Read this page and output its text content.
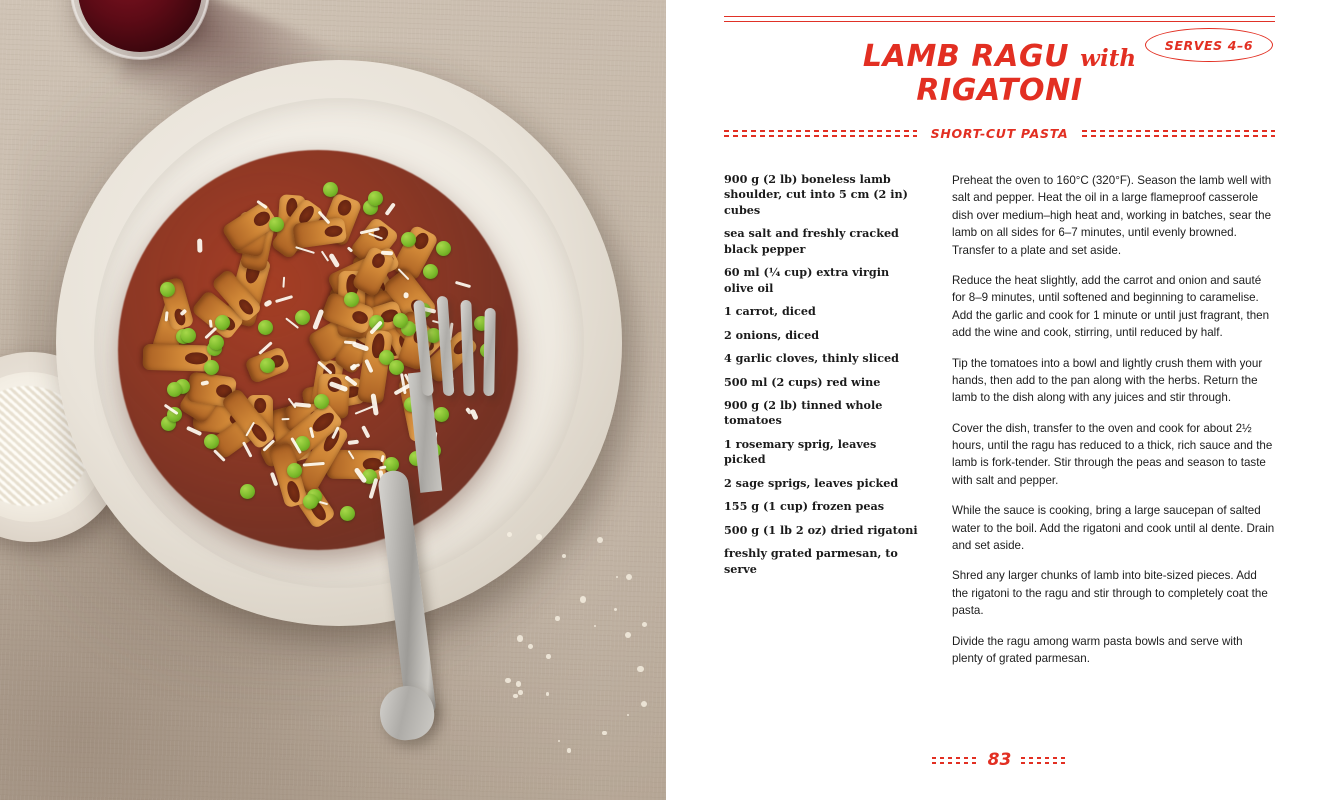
SERVES 4–6
LAMB RAGU with
RIGATONI
SHORT-CUT PASTA
900 g (2 lb) boneless lamb shoulder, cut into 5 cm (2 in) cubes
sea salt and freshly cracked black pepper
60 ml (¼ cup) extra virgin olive oil
1 carrot, diced
2 onions, diced
4 garlic cloves, thinly sliced
500 ml (2 cups) red wine
900 g (2 lb) tinned whole tomatoes
1 rosemary sprig, leaves picked
2 sage sprigs, leaves picked
155 g (1 cup) frozen peas
500 g (1 lb 2 oz) dried rigatoni
freshly grated parmesan, to serve

Preheat the oven to 160°C (320°F). Season the lamb well with salt and pepper. Heat the oil in a large flameproof casserole dish over medium–high heat and, working in batches, sear the lamb on all sides for 6–7 minutes, until evenly browned. Transfer to a plate and set aside.

Reduce the heat slightly, add the carrot and onion and sauté for 8–9 minutes, until softened and beginning to caramelise. Add the garlic and cook for 1 minute or until just fragrant, then add the wine and cook, stirring, until reduced by half.

Tip the tomatoes into a bowl and lightly crush them with your hands, then add to the pan along with the herbs. Return the lamb to the dish along with any juices and stir through.

Cover the dish, transfer to the oven and cook for about 2½ hours, until the ragu has reduced to a thick, rich sauce and the lamb is fork-tender. Stir through the peas and season to taste with salt and pepper.

While the sauce is cooking, bring a large saucepan of salted water to the boil. Add the rigatoni and cook until al dente. Drain and set aside.

Shred any larger chunks of lamb into bite-sized pieces. Add the rigatoni to the ragu and stir through to completely coat the pasta.

Divide the ragu among warm pasta bowls and serve with plenty of grated parmesan.

83
